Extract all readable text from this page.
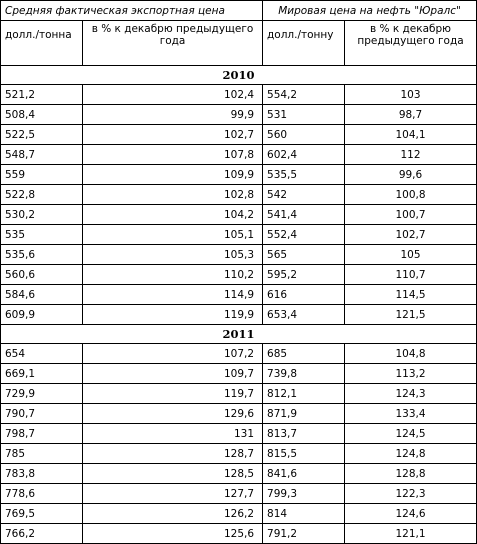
Средняя фактическая экспортная цена		Мировая цена на нефть "Юралс"	
долл./тонна	в % к декабрю предыдущего года	долл./тонну	в % к декабрю предыдущего года
2010			
521,2	102,4	554,2	103
508,4	99,9	531	98,7
522,5	102,7	560	104,1
548,7	107,8	602,4	112
559	109,9	535,5	99,6
522,8	102,8	542	100,8
530,2	104,2	541,4	100,7
535	105,1	552,4	102,7
535,6	105,3	565	105
560,6	110,2	595,2	110,7
584,6	114,9	616	114,5
609,9	119,9	653,4	121,5
2011			
654	107,2	685	104,8
669,1	109,7	739,8	113,2
729,9	119,7	812,1	124,3
790,7	129,6	871,9	133,4
798,7	131	813,7	124,5
785	128,7	815,5	124,8
783,8	128,5	841,6	128,8
778,6	127,7	799,3	122,3
769,5	126,2	814	124,6
766,2	125,6	791,2	121,1
